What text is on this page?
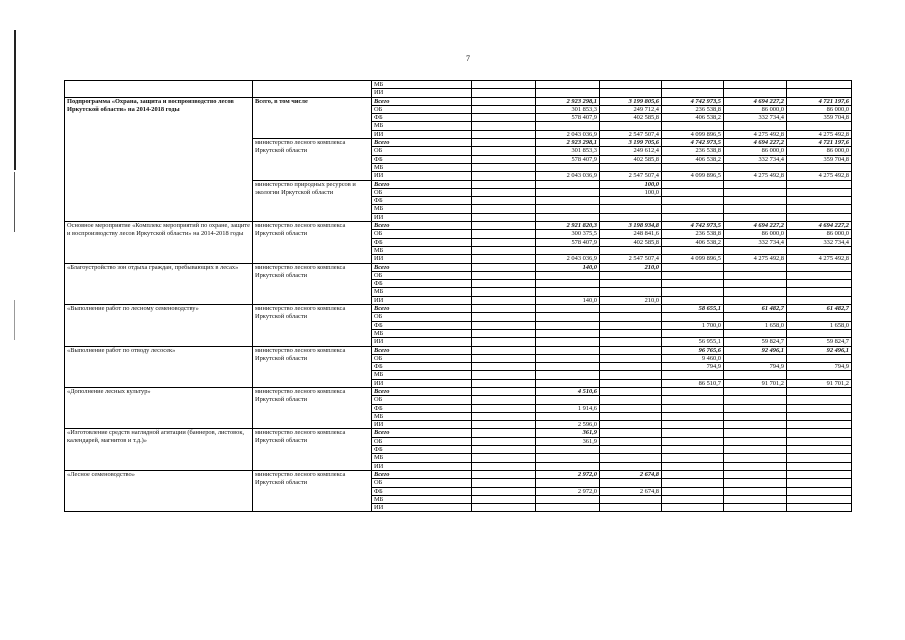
7
		МБ							
		ИИ							
Подпрограмма «Охрана, защита и воспроизводство лесов Иркутской области» на 2014-2018 годы	Всего, в том числе	Всего		2 923 298,1	3 199 805,6	4 742 973,5	4 694 227,2	4 721 197,6	
		ОБ		301 853,3	249 712,4	236 538,8	86 000,0	86 000,0	
		ФБ		578 407,9	402 585,8	406 538,2	332 734,4	359 704,8	
		МБ							
		ИИ		2 043 036,9	2 547 507,4	4 099 896,5	4 275 492,8	4 275 492,8	
	министерство лесного комплекса Иркутской области	Всего		2 923 298,1	3 199 705,6	4 742 973,5	4 694 227,2	4 721 197,6	
		ОБ		301 853,3	249 612,4	236 538,8	86 000,0	86 000,0	
		ФБ		578 407,9	402 585,8	406 538,2	332 734,4	359 704,8	
		МБ							
		ИИ		2 043 036,9	2 547 507,4	4 099 896,5	4 275 492,8	4 275 492,8	
	министерство природных ресурсов и экологии Иркутской области	Всего			100,0				
		ОБ			100,0				
		ФБ							
		МБ							
		ИИ							
Основное мероприятие «Комплекс мероприятий по охране, защите и воспроизводству лесов Иркутской области» на 2014-2018 годы	министерство лесного комплекса Иркутской области	Всего		2 921 820,3	3 198 934,8	4 742 973,5	4 694 227,2	4 694 227,2	
		ОБ		300 375,5	248 841,6	236 538,8	86 000,0	86 000,0	
		ФБ		578 407,9	402 585,8	406 538,2	332 734,4	332 734,4	
		МБ							
		ИИ		2 043 036,9	2 547 507,4	4 099 896,5	4 275 492,8	4 275 492,8	
«Благоустройство зон отдыха граждан, пребывающих в лесах»	министерство лесного комплекса Иркутской области	Всего		140,0	210,0				
		ОБ							
		ФБ							
		МБ							
		ИИ		140,0	210,0				
«Выполнение работ по лесному семеноводству»	министерство лесного комплекса Иркутской области	Всего				58 655,1	61 482,7	61 482,7	
		ОБ							
		ФБ				1 700,0	1 658,0	1 658,0	
		МБ							
		ИИ				56 955,1	59 824,7	59 824,7	
«Выполнение работ по отводу лесосек»	министерство лесного комплекса Иркутской области	Всего				96 765,6	92 496,1	92 496,1	
		ОБ				9 460,0			
		ФБ				794,9	794,9	794,9	
		МБ							
		ИИ				86 510,7	91 701,2	91 701,2	
«Дополнение лесных культур»	министерство лесного комплекса Иркутской области	Всего		4 510,6					
		ОБ							
		ФБ		1 914,6					
		МБ							
		ИИ		2 596,0					
«Изготовление средств наглядной агитации (баннеров, листовок, календарей, магнитов и т.д.)»	министерство лесного комплекса Иркутской области	Всего		361,9					
		ОБ		361,9					
		ФБ							
		МБ							
		ИИ							
«Лесное семеноводство»	министерство лесного комплекса Иркутской области	Всего		2 972,0	2 674,8				
		ОБ							
		ФБ		2 972,0	2 674,8				
		МБ							
		ИИ							
